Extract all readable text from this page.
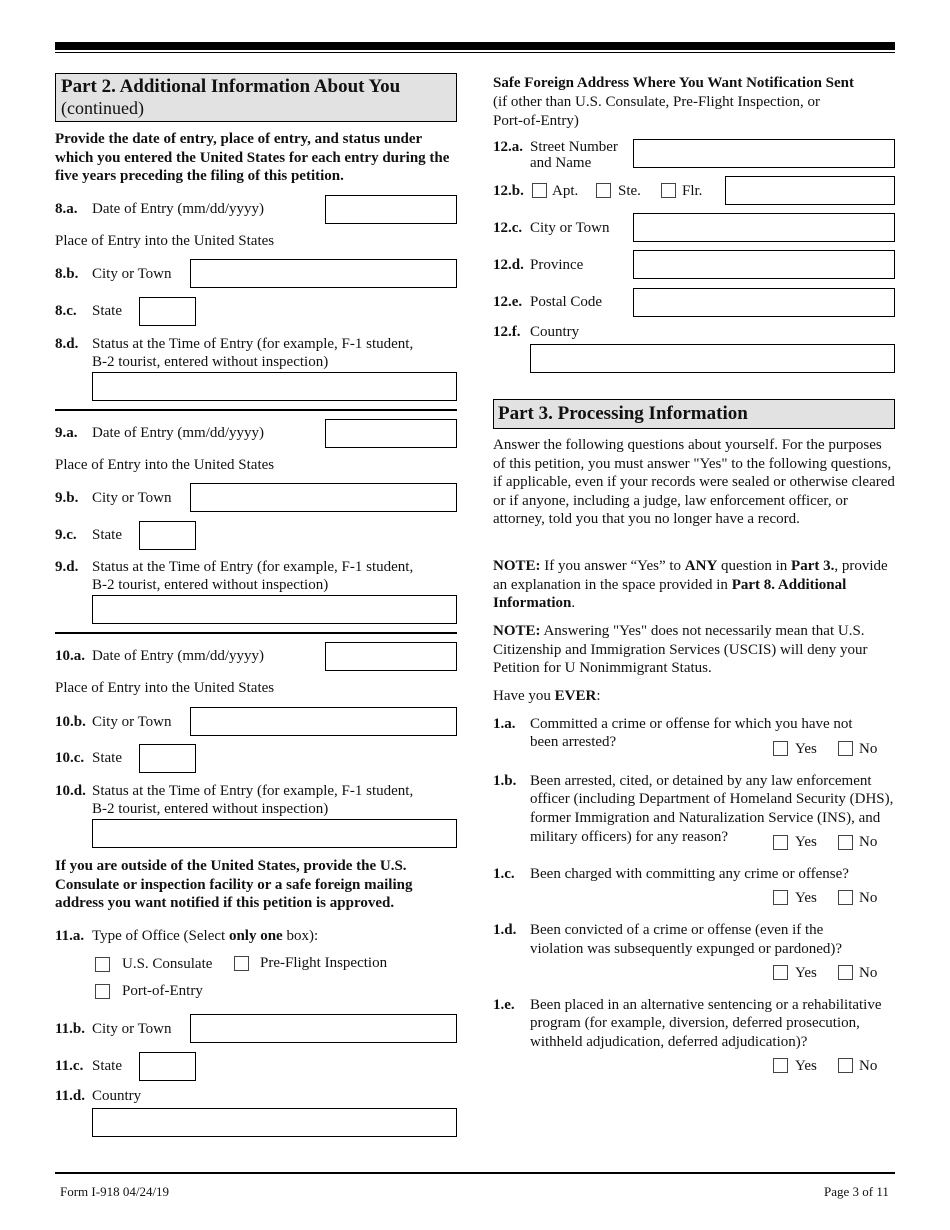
Part 2. Additional Information About You
(continued)
Provide the date of entry, place of entry, and status under which you entered the United States for each entry during the five years preceding the filing of this petition.
8.a. Date of Entry (mm/dd/yyyy)
Place of Entry into the United States
8.b. City or Town
8.c. State
8.d. Status at the Time of Entry (for example, F-1 student,
B-2 tourist, entered without inspection)
9.a. Date of Entry (mm/dd/yyyy)
Place of Entry into the United States
9.b. City or Town
9.c. State
9.d. Status at the Time of Entry (for example, F-1 student,
B-2 tourist, entered without inspection)
10.a. Date of Entry (mm/dd/yyyy)
Place of Entry into the United States
10.b. City or Town
10.c. State
10.d. Status at the Time of Entry (for example, F-1 student,
B-2 tourist, entered without inspection)
If you are outside of the United States, provide the U.S. Consulate or inspection facility or a safe foreign mailing address you want notified if this petition is approved.
11.a. Type of Office (Select only one box):
U.S. Consulate	Pre-Flight Inspection
Port-of-Entry
11.b. City or Town
11.c. State
11.d. Country
Safe Foreign Address Where You Want Notification Sent
(if other than U.S. Consulate, Pre-Flight Inspection, or Port-of-Entry)
12.a. Street Number
and Name
12.b. Apt.	Ste.	Flr.
12.c. City or Town
12.d. Province
12.e. Postal Code
12.f. Country
Part 3. Processing Information
Answer the following questions about yourself. For the purposes of this petition, you must answer "Yes" to the following questions, if applicable, even if your records were sealed or otherwise cleared or if anyone, including a judge, law enforcement officer, or attorney, told you that you no longer have a record.
NOTE: If you answer “Yes” to ANY question in Part 3., provide an explanation in the space provided in Part 8. Additional Information.
NOTE: Answering "Yes" does not necessarily mean that U.S. Citizenship and Immigration Services (USCIS) will deny your Petition for U Nonimmigrant Status.
Have you EVER:
1.a. Committed a crime or offense for which you have not
been arrested?	Yes	No
1.b. Been arrested, cited, or detained by any law enforcement
officer (including Department of Homeland Security (DHS),
former Immigration and Naturalization Service (INS), and
military officers) for any reason?	Yes	No
1.c. Been charged with committing any crime or offense?
Yes	No
1.d. Been convicted of a crime or offense (even if the
violation was subsequently expunged or pardoned)?
Yes	No
1.e. Been placed in an alternative sentencing or a rehabilitative
program (for example, diversion, deferred prosecution,
withheld adjudication, deferred adjudication)?
Yes	No
Form I-918 04/24/19	Page 3 of 11
